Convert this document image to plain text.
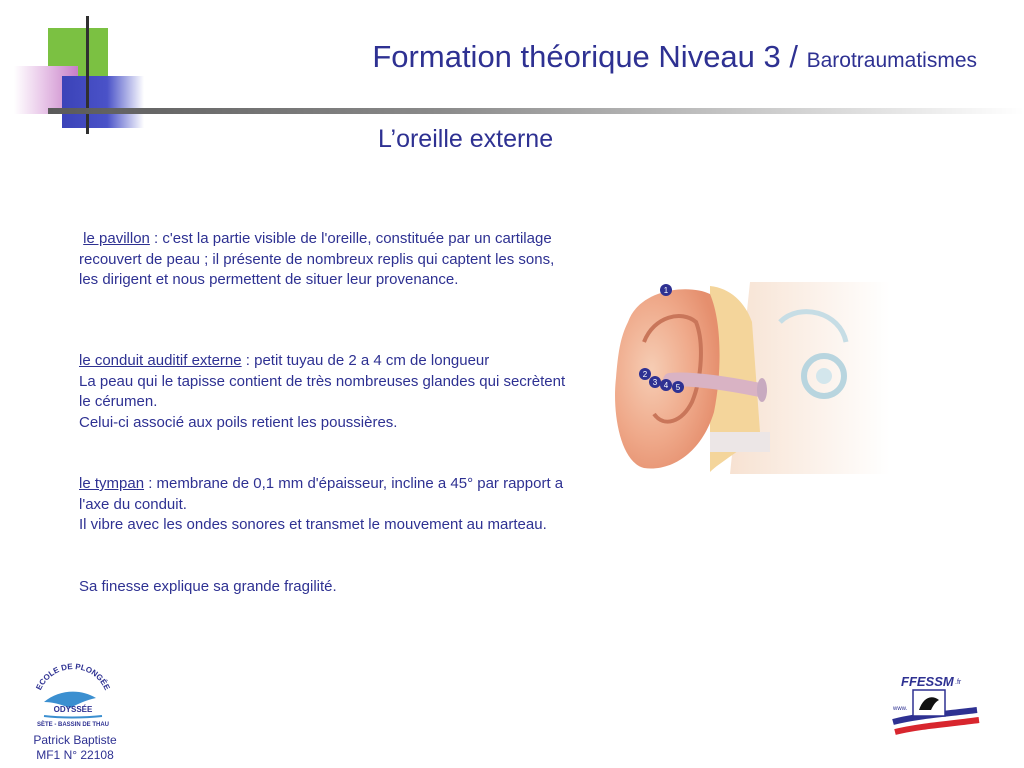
Formation théorique Niveau 3 / Barotraumatismes
L’oreille externe

le pavillon : c'est la partie visible de l'oreille, constituée par un cartilage recouvert de peau ; il présente de nombreux replis qui captent les sons, les dirigent et nous permettent de situer leur provenance.

le conduit auditif externe : petit tuyau de 2 a 4 cm de longueur

La peau qui le tapisse contient de très nombreuses glandes qui secrètent le cérumen.

Celui-ci associé aux poils retient les poussières.

le tympan : membrane de 0,1 mm d'épaisseur, incline a 45° par rapport a l'axe du conduit.

Il vibre avec les ondes sonores et transmet le mouvement au marteau.

Sa finesse explique sa grande fragilité.

1
2
3 4 5
ECOLE DE PLONGÉE
ODYSSÉE
SÈTE - BASSIN DE THAU
Patrick Baptiste
MF1 N° 22108
FFESSM .fr
www.
